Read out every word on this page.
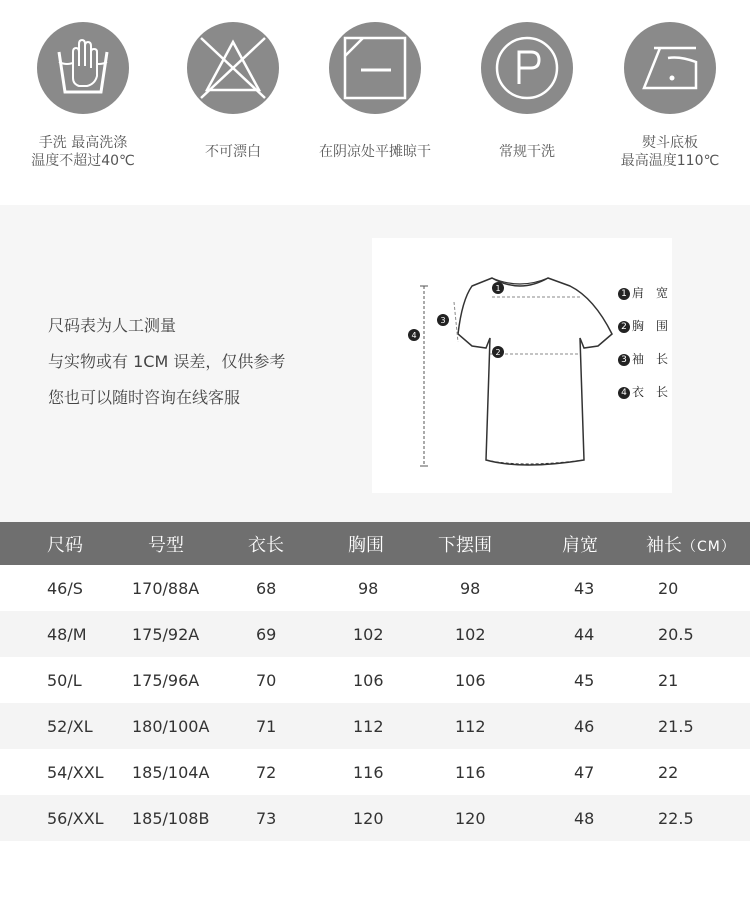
手洗 最高洗涤
温度不超过40℃
不可漂白	在阴凉处平摊晾干	常规干洗
熨斗底板
最高温度110℃
尺码表为人工测量
与实物或有 1CM 误差，仅供参考
您也可以随时咨询在线客服
1
2
3
4
1 肩　宽
2 胸　围
3 袖　长
4 衣　长
尺码	号型	衣长	胸围	下摆围	肩宽	袖长（CM）
46/S	170/88A	68	98	98	43	20
48/M	175/92A	69	102	102	44	20.5
50/L	175/96A	70	106	106	45	21
52/XL	180/100A	71	112	112	46	21.5
54/XXL	185/104A	72	116	116	47	22
56/XXL	185/108B	73	120	120	48	22.5
